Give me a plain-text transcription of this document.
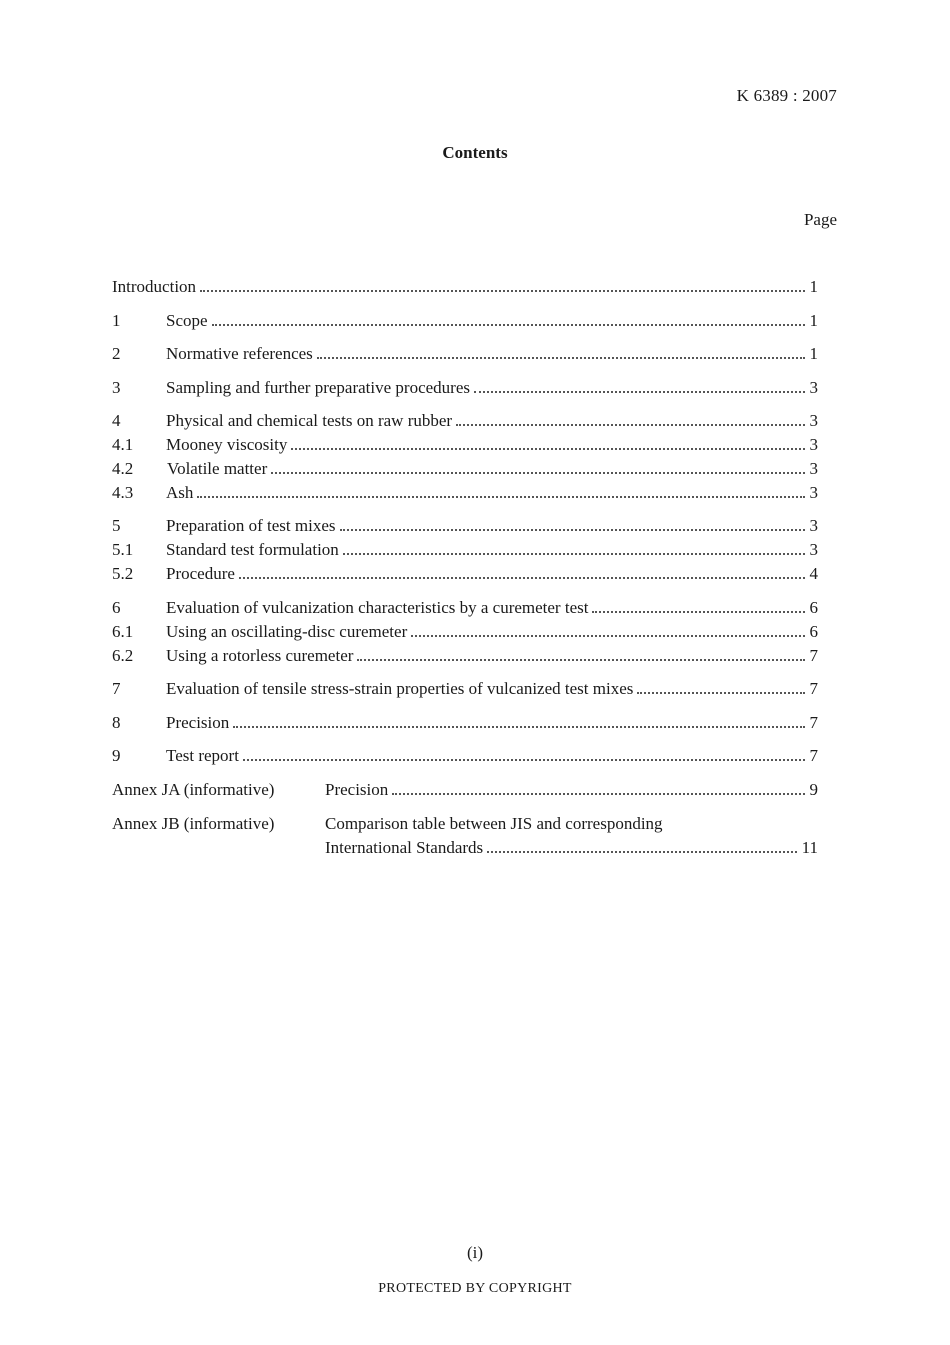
K 6389 : 2007
Contents
Page
Introduction	1
1	Scope	1
2	Normative references	1
3	Sampling and further preparative procedures	3
4	Physical and chemical tests on raw rubber	3
4.1	Mooney viscosity	3
4.2	Volatile matter	3
4.3	Ash	3
5	Preparation of test mixes	3
5.1	Standard test formulation	3
5.2	Procedure	4
6	Evaluation of vulcanization characteristics by a curemeter test	6
6.1	Using an oscillating-disc curemeter	6
6.2	Using a rotorless curemeter	7
7	Evaluation of tensile stress-strain properties of vulcanized test mixes	7
8	Precision	7
9	Test report	7
Annex JA (informative)	Precision	9
Annex JB (informative)	Comparison table between JIS and corresponding
International Standards	11
(i)
PROTECTED BY COPYRIGHT
